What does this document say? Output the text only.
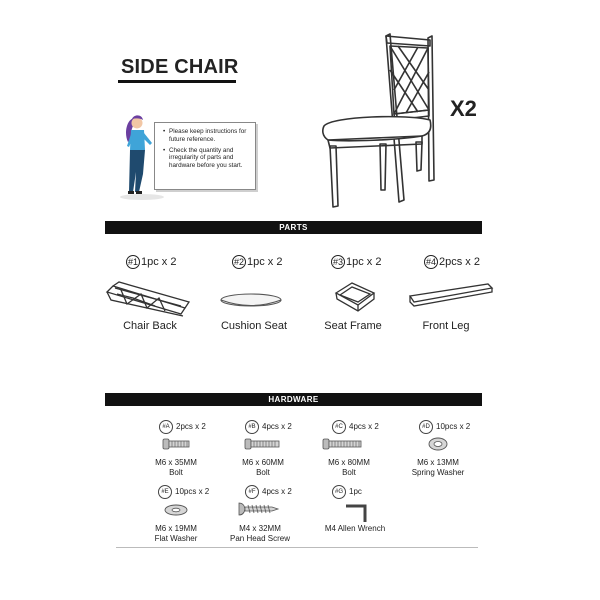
SIDE CHAIR
• Please keep instructions for future reference.
• Check the quantity and irregularity of parts and hardware before you start.
X2
PARTS
#1 1pc x 2	#2 1pc x 2	#3 1pc x 2	#4 2pcs x 2
Chair Back	Cushion Seat	Seat Frame	Front Leg
HARDWARE
#A 2pcs x 2	#B 4pcs x 2	#C 4pcs x 2	#D 10pcs x 2
M6 x 35MM
Bolt
M6 x 60MM
Bolt
M6 x 80MM
Bolt
M6 x 13MM
Spring Washer
#E 10pcs x 2	#F 4pcs x 2	#G 1pc
M6 x 19MM
Flat Washer
M4 x 32MM
Pan Head Screw
M4 Allen Wrench
